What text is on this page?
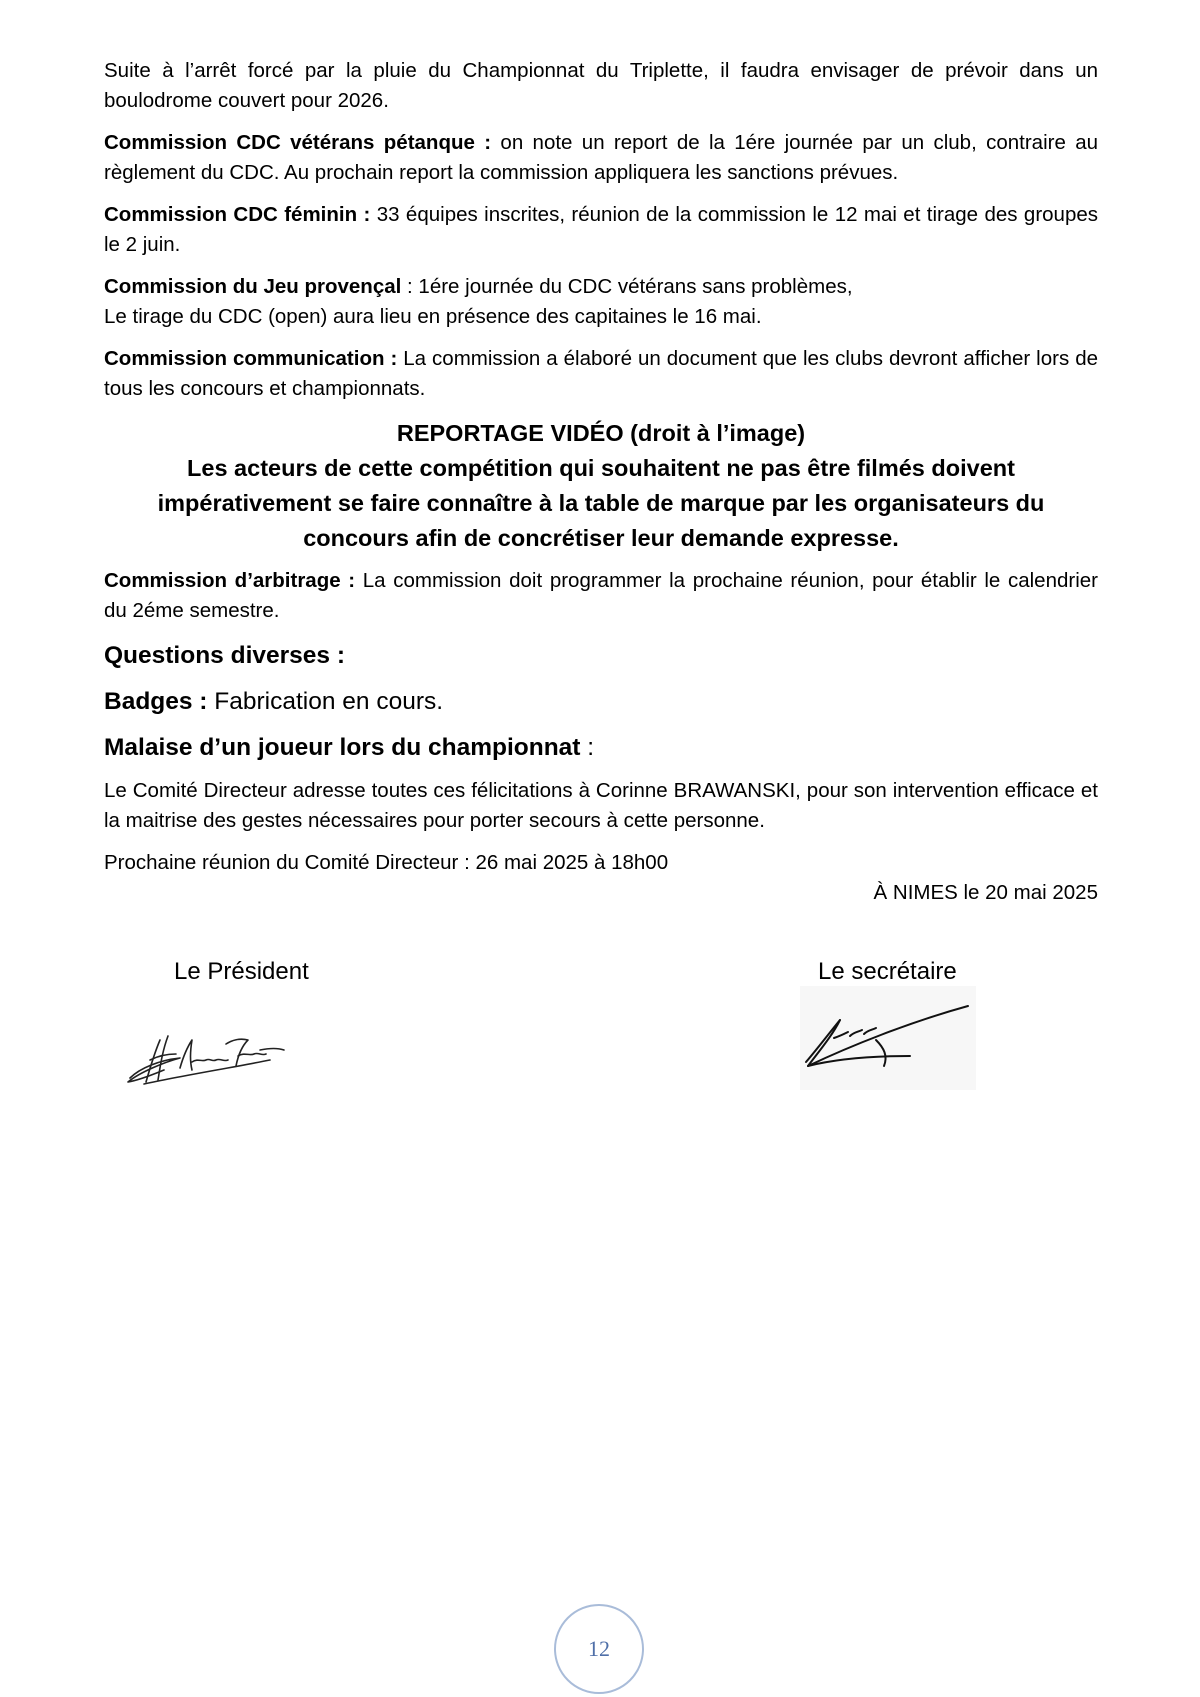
Suite à l’arrêt forcé par la pluie du Championnat du Triplette, il faudra envisager de prévoir dans un boulodrome couvert pour 2026.

Commission CDC vétérans pétanque : on note un report de la 1ére journée par un club, contraire au règlement du CDC. Au prochain report la commission appliquera les sanctions prévues.

Commission CDC féminin : 33 équipes inscrites, réunion de la commission le 12 mai et tirage des groupes le 2 juin.

Commission du Jeu provençal : 1ére journée du CDC vétérans sans problèmes,
Le tirage du CDC (open) aura lieu en présence des capitaines le 16 mai.

Commission communication : La commission a élaboré un document que les clubs devront afficher lors de tous les concours et championnats.

REPORTAGE VIDÉO (droit à l’image)
Les acteurs de cette compétition qui souhaitent ne pas être filmés doivent
impérativement se faire connaître à la table de marque par les organisateurs du
concours afin de concrétiser leur demande expresse.

Commission d’arbitrage : La commission doit programmer la prochaine réunion, pour établir le calendrier du 2éme semestre.

Questions diverses :
Badges : Fabrication en cours.
Malaise d’un joueur lors du championnat :

Le Comité Directeur adresse toutes ces félicitations à Corinne BRAWANSKI, pour son intervention efficace et la maitrise des gestes nécessaires pour porter secours à cette personne.

Prochaine réunion du Comité Directeur : 26 mai 2025 à 18h00

À NIMES le 20 mai 2025

Le Président	Le secrétaire
12
